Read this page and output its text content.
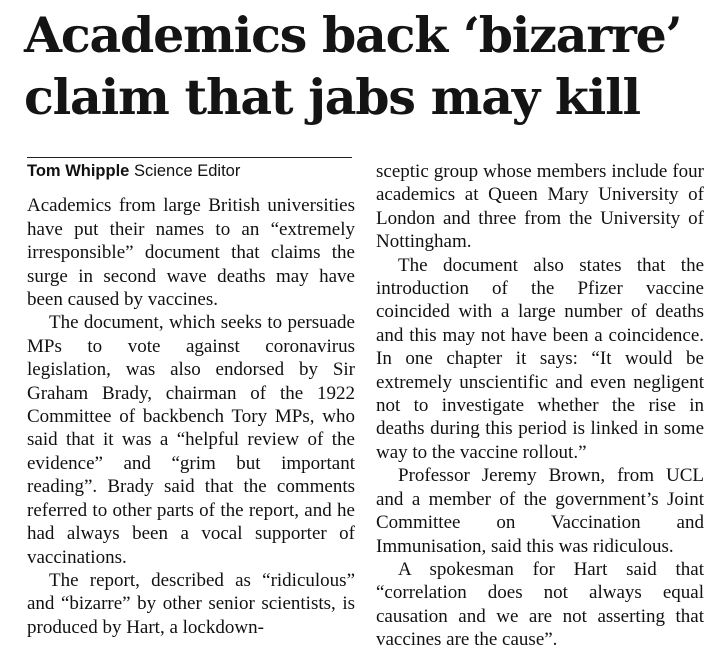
Academics back ‘bizarre’
claim that jabs may kill
Tom Whipple Science Editor

Academics from large British universities have put their names to an “extremely irresponsible” document that claims the surge in second wave deaths may have been caused by vaccines.

The document, which seeks to persuade MPs to vote against coronavirus legislation, was also endorsed by Sir Graham Brady, chairman of the 1922 Committee of backbench Tory MPs, who said that it was a “helpful review of the evidence” and “grim but important reading”. Brady said that the comments referred to other parts of the report, and he had always been a vocal supporter of vaccinations.

The report, described as “ridiculous” and “bizarre” by other senior scientists, is produced by Hart, a lockdown-

sceptic group whose members include four academics at Queen Mary University of London and three from the University of Nottingham.

The document also states that the introduction of the Pfizer vaccine coincided with a large number of deaths and this may not have been a coincidence. In one chapter it says: “It would be extremely unscientific and even negligent not to investigate whether the rise in deaths during this period is linked in some way to the vaccine rollout.”

Professor Jeremy Brown, from UCL and a member of the government’s Joint Committee on Vaccination and Immunisation, said this was ridiculous.

A spokesman for Hart said that “correlation does not always equal causation and we are not asserting that vaccines are the cause”.
